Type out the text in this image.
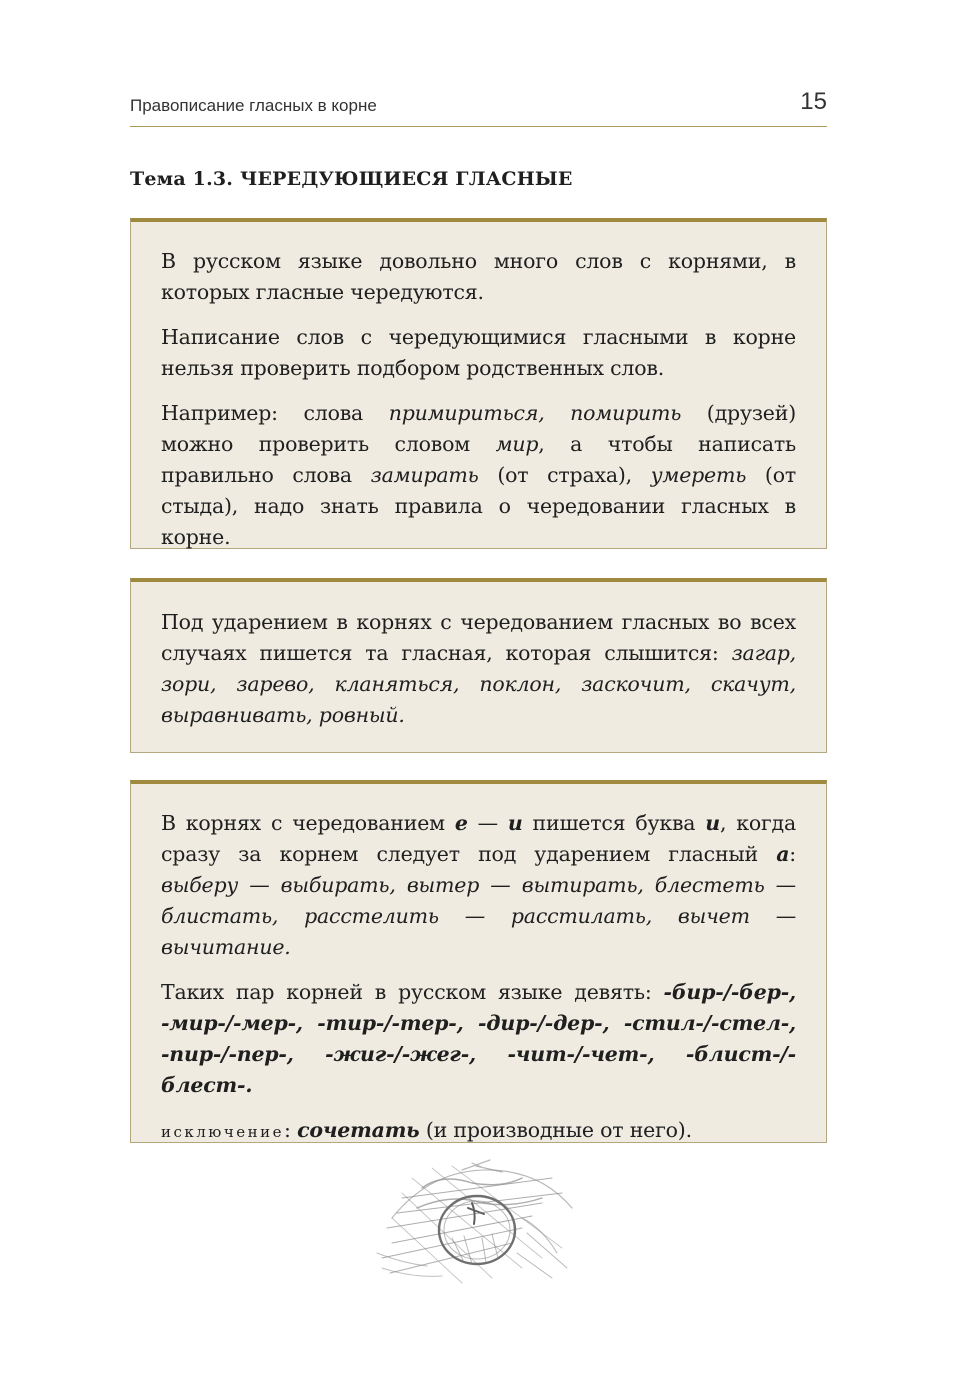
Правописание гласных в корне	15
Тема 1.3. ЧЕРЕДУЮЩИЕСЯ ГЛАСНЫЕ

В русском языке довольно много слов с корнями, в которых гласные чередуются.

Написание слов с чередующимися гласными в корне нельзя проверить подбором родственных слов.

Например: слова примириться, помирить (друзей) можно проверить словом мир, а чтобы написать правильно слова замирать (от страха), умереть (от стыда), надо знать правила о чередовании гласных в корне.

Под ударением в корнях с чередованием гласных во всех случаях пишется та гласная, которая слышится: загар, зори, зарево, кланяться, поклон, заскочит, скачут, выравнивать, ровный.

В корнях с чередованием е — и пишется буква и, когда сразу за корнем следует под ударением гласный а: выберу — выбирать, вытер — вытирать, блестеть — блистать, расстелить — расстилать, вычет — вычитание.

Таких пар корней в русском языке девять: -бир-/-бер-, -мир-/-мер-, -тир-/-тер-, -дир-/-дер-, -стил-/-стел-, -пир-/-пер-, -жиг-/-жег-, -чит-/-чет-, -блист-/-блест-.

исключение: сочетать (и производные от него).
